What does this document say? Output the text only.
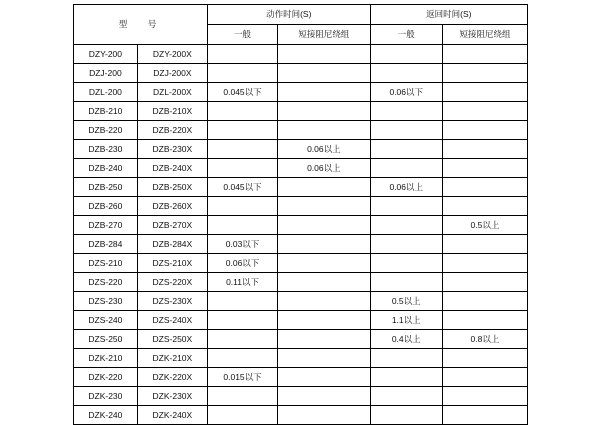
型　号		动作时间(S)		返回时间(S)	
		一般	短接阻尼绕组	一般	短接阻尼绕组
DZY-200	DZY-200X				
DZJ-200	DZJ-200X				
DZL-200	DZL-200X	0.045以下		0.06以下	
DZB-210	DZB-210X				
DZB-220	DZB-220X				
DZB-230	DZB-230X		0.06以上		
DZB-240	DZB-240X		0.06以上		
DZB-250	DZB-250X	0.045以下		0.06以上	
DZB-260	DZB-260X				
DZB-270	DZB-270X				0.5以上
DZB-284	DZB-284X	0.03以下			
DZS-210	DZS-210X	0.06以下			
DZS-220	DZS-220X	0.11以下			
DZS-230	DZS-230X			0.5以上	
DZS-240	DZS-240X			1.1以上	
DZS-250	DZS-250X			0.4以上	0.8以上
DZK-210	DZK-210X				
DZK-220	DZK-220X	0.015以下			
DZK-230	DZK-230X				
DZK-240	DZK-240X				
